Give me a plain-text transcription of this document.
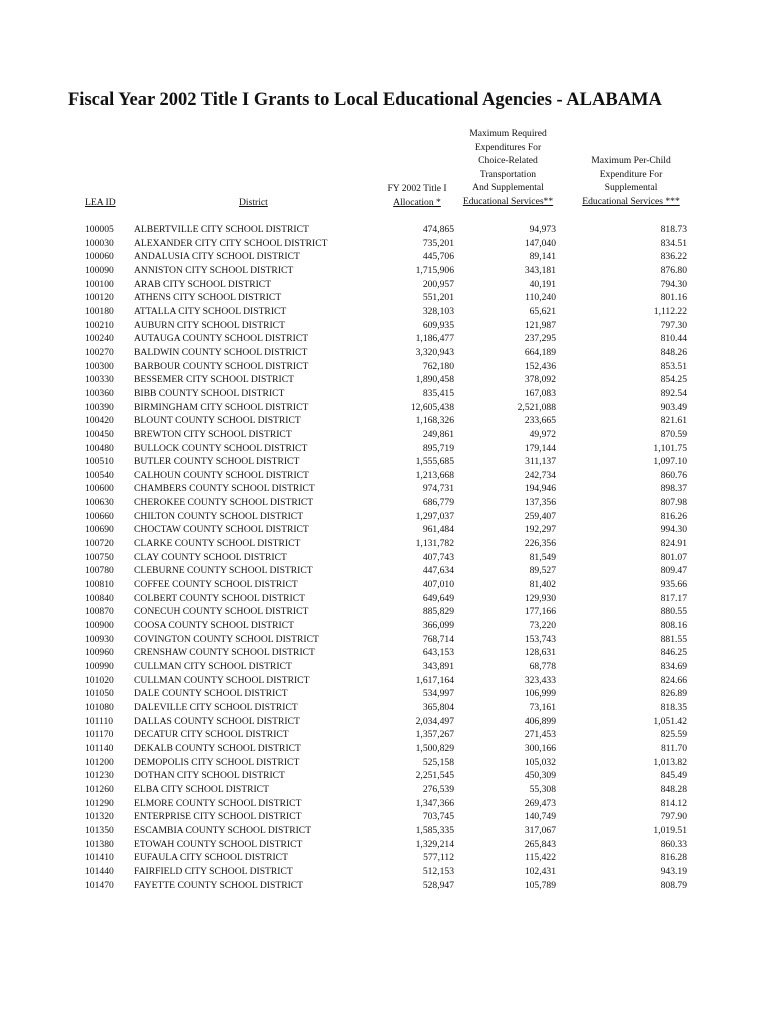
Fiscal Year 2002 Title I Grants to Local Educational Agencies - ALABAMA
LEA ID	District
FY 2002 Title I
Allocation *
Maximum Required
Expenditures For
Choice-Related
Transportation
And Supplemental
Educational Services**
Maximum Per-Child
Expenditure For
Supplemental
Educational Services ***
100005 ALBERTVILLE CITY SCHOOL DISTRICT	474,865	94,973	818.73
100030 ALEXANDER CITY CITY SCHOOL DISTRICT	735,201	147,040	834.51
100060 ANDALUSIA CITY SCHOOL DISTRICT	445,706	89,141	836.22
100090 ANNISTON CITY SCHOOL DISTRICT	1,715,906	343,181	876.80
100100 ARAB CITY SCHOOL DISTRICT	200,957	40,191	794.30
100120 ATHENS CITY SCHOOL DISTRICT	551,201	110,240	801.16
100180 ATTALLA CITY SCHOOL DISTRICT	328,103	65,621	1,112.22
100210 AUBURN CITY SCHOOL DISTRICT	609,935	121,987	797.30
100240 AUTAUGA COUNTY SCHOOL DISTRICT	1,186,477	237,295	810.44
100270 BALDWIN COUNTY SCHOOL DISTRICT	3,320,943	664,189	848.26
100300 BARBOUR COUNTY SCHOOL DISTRICT	762,180	152,436	853.51
100330 BESSEMER CITY SCHOOL DISTRICT	1,890,458	378,092	854.25
100360 BIBB COUNTY SCHOOL DISTRICT	835,415	167,083	892.54
100390 BIRMINGHAM CITY SCHOOL DISTRICT	12,605,438	2,521,088	903.49
100420 BLOUNT COUNTY SCHOOL DISTRICT	1,168,326	233,665	821.61
100450 BREWTON CITY SCHOOL DISTRICT	249,861	49,972	870.59
100480 BULLOCK COUNTY SCHOOL DISTRICT	895,719	179,144	1,101.75
100510 BUTLER COUNTY SCHOOL DISTRICT	1,555,685	311,137	1,097.10
100540 CALHOUN COUNTY SCHOOL DISTRICT	1,213,668	242,734	860.76
100600 CHAMBERS COUNTY SCHOOL DISTRICT	974,731	194,946	898.37
100630 CHEROKEE COUNTY SCHOOL DISTRICT	686,779	137,356	807.98
100660 CHILTON COUNTY SCHOOL DISTRICT	1,297,037	259,407	816.26
100690 CHOCTAW COUNTY SCHOOL DISTRICT	961,484	192,297	994.30
100720 CLARKE COUNTY SCHOOL DISTRICT	1,131,782	226,356	824.91
100750 CLAY COUNTY SCHOOL DISTRICT	407,743	81,549	801.07
100780 CLEBURNE COUNTY SCHOOL DISTRICT	447,634	89,527	809.47
100810 COFFEE COUNTY SCHOOL DISTRICT	407,010	81,402	935.66
100840 COLBERT COUNTY SCHOOL DISTRICT	649,649	129,930	817.17
100870 CONECUH COUNTY SCHOOL DISTRICT	885,829	177,166	880.55
100900 COOSA COUNTY SCHOOL DISTRICT	366,099	73,220	808.16
100930 COVINGTON COUNTY SCHOOL DISTRICT	768,714	153,743	881.55
100960 CRENSHAW COUNTY SCHOOL DISTRICT	643,153	128,631	846.25
100990 CULLMAN CITY SCHOOL DISTRICT	343,891	68,778	834.69
101020 CULLMAN COUNTY SCHOOL DISTRICT	1,617,164	323,433	824.66
101050 DALE COUNTY SCHOOL DISTRICT	534,997	106,999	826.89
101080 DALEVILLE CITY SCHOOL DISTRICT	365,804	73,161	818.35
101110 DALLAS COUNTY SCHOOL DISTRICT	2,034,497	406,899	1,051.42
101170 DECATUR CITY SCHOOL DISTRICT	1,357,267	271,453	825.59
101140 DEKALB COUNTY SCHOOL DISTRICT	1,500,829	300,166	811.70
101200 DEMOPOLIS CITY SCHOOL DISTRICT	525,158	105,032	1,013.82
101230 DOTHAN CITY SCHOOL DISTRICT	2,251,545	450,309	845.49
101260 ELBA CITY SCHOOL DISTRICT	276,539	55,308	848.28
101290 ELMORE COUNTY SCHOOL DISTRICT	1,347,366	269,473	814.12
101320 ENTERPRISE CITY SCHOOL DISTRICT	703,745	140,749	797.90
101350 ESCAMBIA COUNTY SCHOOL DISTRICT	1,585,335	317,067	1,019.51
101380 ETOWAH COUNTY SCHOOL DISTRICT	1,329,214	265,843	860.33
101410 EUFAULA CITY SCHOOL DISTRICT	577,112	115,422	816.28
101440 FAIRFIELD CITY SCHOOL DISTRICT	512,153	102,431	943.19
101470 FAYETTE COUNTY SCHOOL DISTRICT	528,947	105,789	808.79
